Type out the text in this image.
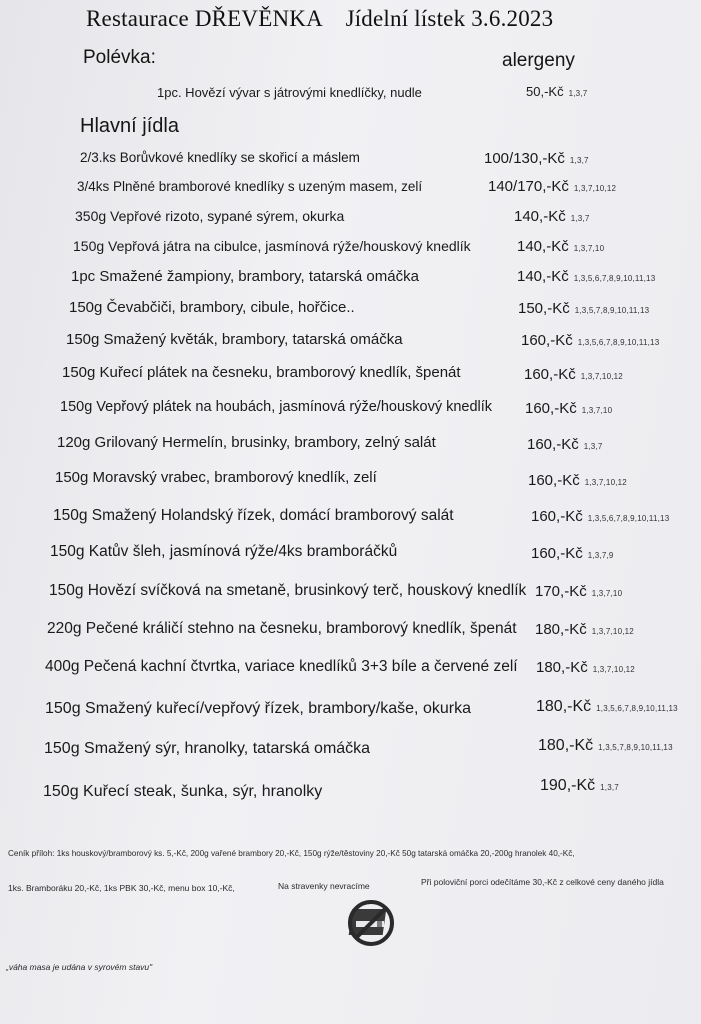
Restaurace DŘEVĚNKA Jídelní lístek 3.6.2023
Polévka:	alergeny
1pc. Hovězí vývar s játrovými knedlíčky, nudle	50,-Kč 1,3,7
Hlavní jídla
2/3.ks Borůvkové knedlíky se skořicí a máslem	100/130,-Kč 1,3,7
3/4ks Plněné bramborové knedlíky s uzeným masem, zelí	140/170,-Kč 1,3,7,10,12
350g Vepřové rizoto, sypané sýrem, okurka	140,-Kč 1,3,7
150g Vepřová játra na cibulce, jasmínová rýže/houskový knedlík	140,-Kč 1,3,7,10
1pc Smažené žampiony, brambory, tatarská omáčka	140,-Kč 1,3,5,6,7,8,9,10,11,13
150g Čevabčiči, brambory, cibule, hořčice..	150,-Kč 1,3,5,7,8,9,10,11,13
150g Smažený květák, brambory, tatarská omáčka	160,-Kč 1,3,5,6,7,8,9,10,11,13
150g Kuřecí plátek na česneku, bramborový knedlík, špenát	160,-Kč 1,3,7,10,12
150g Vepřový plátek na houbách, jasmínová rýže/houskový knedlík 160,-Kč 1,3,7,10
120g Grilovaný Hermelín, brusinky, brambory, zelný salát	160,-Kč 1,3,7
150g Moravský vrabec, bramborový knedlík, zelí	160,-Kč 1,3,7,10,12
150g Smažený Holandský řízek, domácí bramborový salát	160,-Kč 1,3,5,6,7,8,9,10,11,13
150g Katův šleh, jasmínová rýže/4ks bramboráčků	160,-Kč 1,3,7,9
150g Hovězí svíčková na smetaně, brusinkový terč, houskový knedlík 170,-Kč 1,3,7,10
220g Pečené králičí stehno na česneku, bramborový knedlík, špenát 180,-Kč 1,3,7,10,12
400g Pečená kachní čtvrtka, variace knedlíků 3+3 bíle a červené zelí 180,-Kč 1,3,7,10,12
150g Smažený kuřecí/vepřový řízek, brambory/kaše, okurka	180,-Kč 1,3,5,6,7,8,9,10,11,13
150g Smažený sýr, hranolky, tatarská omáčka	180,-Kč 1,3,5,7,8,9,10,11,13
150g Kuřecí steak, šunka, sýr, hranolky	190,-Kč 1,3,7
Ceník příloh: 1ks houskový/bramborový ks. 5,-Kč, 200g vařené brambory 20,-Kč, 150g rýže/těstoviny 20,-Kč 50g tatarská omáčka 20,-200g hranolek 40,-Kč,
1ks. Bramboráku 20,-Kč, 1ks PBK 30,-Kč, menu box 10,-Kč,	Na stravenky nevracíme	Při poloviční porci odečítáme 30,-Kč z celkové ceny daného jídla
„váha masa je udána v syrovém stavu"
